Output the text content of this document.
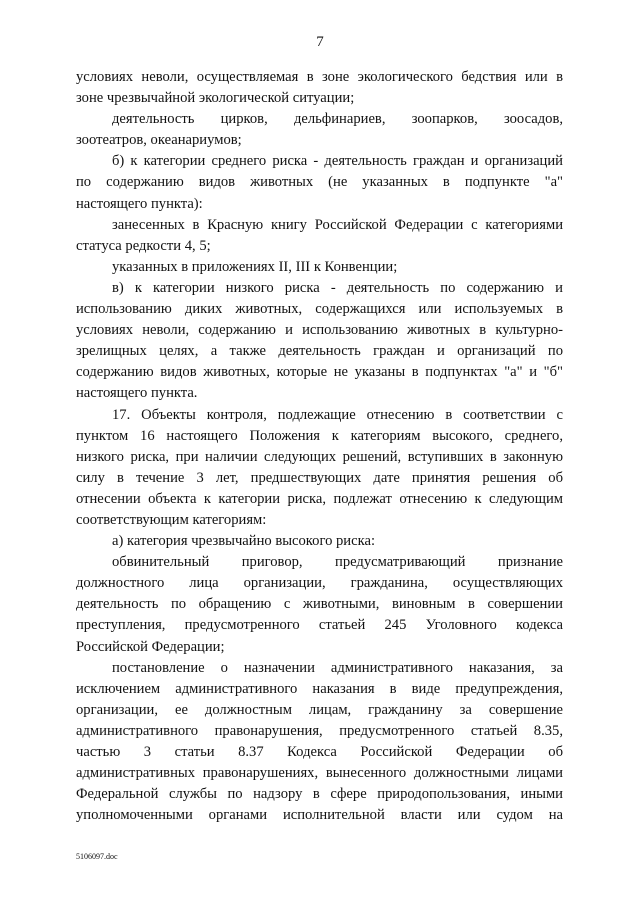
7
условиях неволи, осуществляемая в зоне экологического бедствия или в
зоне чрезвычайной экологической ситуации;
деятельность цирков, дельфинариев, зоопарков, зоосадов,
зоотеатров, океанариумов;
б) к категории среднего риска - деятельность граждан и организаций
по содержанию видов животных (не указанных в подпункте "а"
настоящего пункта):
занесенных в Красную книгу Российской Федерации с категориями
статуса редкости 4, 5;
указанных в приложениях II, III к Конвенции;
в) к категории низкого риска - деятельность по содержанию и
использованию диких животных, содержащихся или используемых в
условиях неволи, содержанию и использованию животных в культурно-
зрелищных целях, а также деятельность граждан и организаций по
содержанию видов животных, которые не указаны в подпунктах "а" и "б"
настоящего пункта.
17. Объекты контроля, подлежащие отнесению в соответствии с
пунктом 16 настоящего Положения к категориям высокого, среднего,
низкого риска, при наличии следующих решений, вступивших в законную
силу в течение 3 лет, предшествующих дате принятия решения об
отнесении объекта к категории риска, подлежат отнесению к следующим
соответствующим категориям:
а) категория чрезвычайно высокого риска:
обвинительный приговор, предусматривающий признание
должностного лица организации, гражданина, осуществляющих
деятельность по обращению с животными, виновным в совершении
преступления, предусмотренного статьей 245 Уголовного кодекса
Российской Федерации;
постановление о назначении административного наказания, за
исключением административного наказания в виде предупреждения,
организации, ее должностным лицам, гражданину за совершение
административного правонарушения, предусмотренного статьей 8.35,
частью 3 статьи 8.37 Кодекса Российской Федерации об
административных правонарушениях, вынесенного должностными лицами
Федеральной службы по надзору в сфере природопользования, иными
уполномоченными органами исполнительной власти или судом на
5106097.doc
